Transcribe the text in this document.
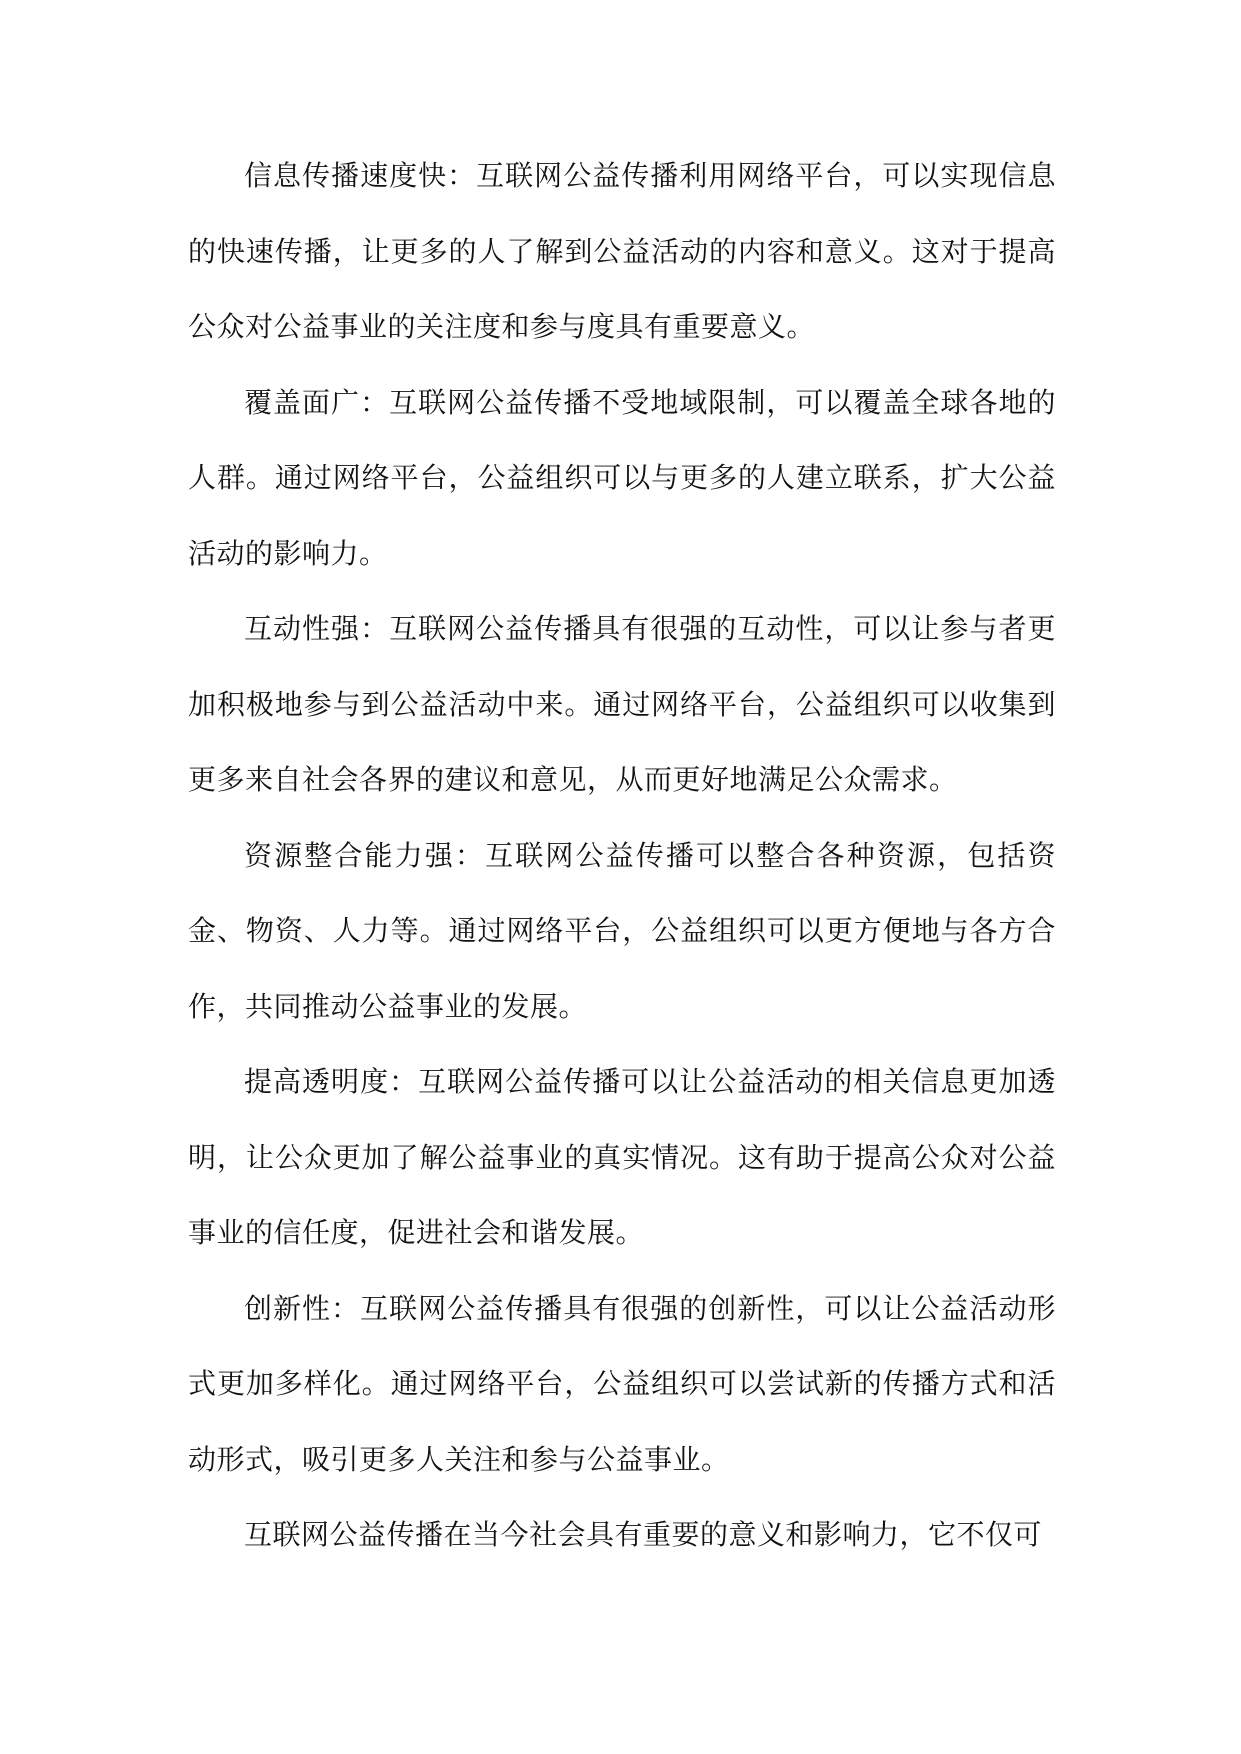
信息传播速度快：互联网公益传播利用网络平台，可以实现信息的快速传播，让更多的人了解到公益活动的内容和意义。这对于提高公众对公益事业的关注度和参与度具有重要意义。

覆盖面广：互联网公益传播不受地域限制，可以覆盖全球各地的人群。通过网络平台，公益组织可以与更多的人建立联系，扩大公益活动的影响力。

互动性强：互联网公益传播具有很强的互动性，可以让参与者更加积极地参与到公益活动中来。通过网络平台，公益组织可以收集到更多来自社会各界的建议和意见，从而更好地满足公众需求。

资源整合能力强：互联网公益传播可以整合各种资源，包括资金、物资、人力等。通过网络平台，公益组织可以更方便地与各方合作，共同推动公益事业的发展。

提高透明度：互联网公益传播可以让公益活动的相关信息更加透明，让公众更加了解公益事业的真实情况。这有助于提高公众对公益事业的信任度，促进社会和谐发展。

创新性：互联网公益传播具有很强的创新性，可以让公益活动形式更加多样化。通过网络平台，公益组织可以尝试新的传播方式和活动形式，吸引更多人关注和参与公益事业。

互联网公益传播在当今社会具有重要的意义和影响力，它不仅可
